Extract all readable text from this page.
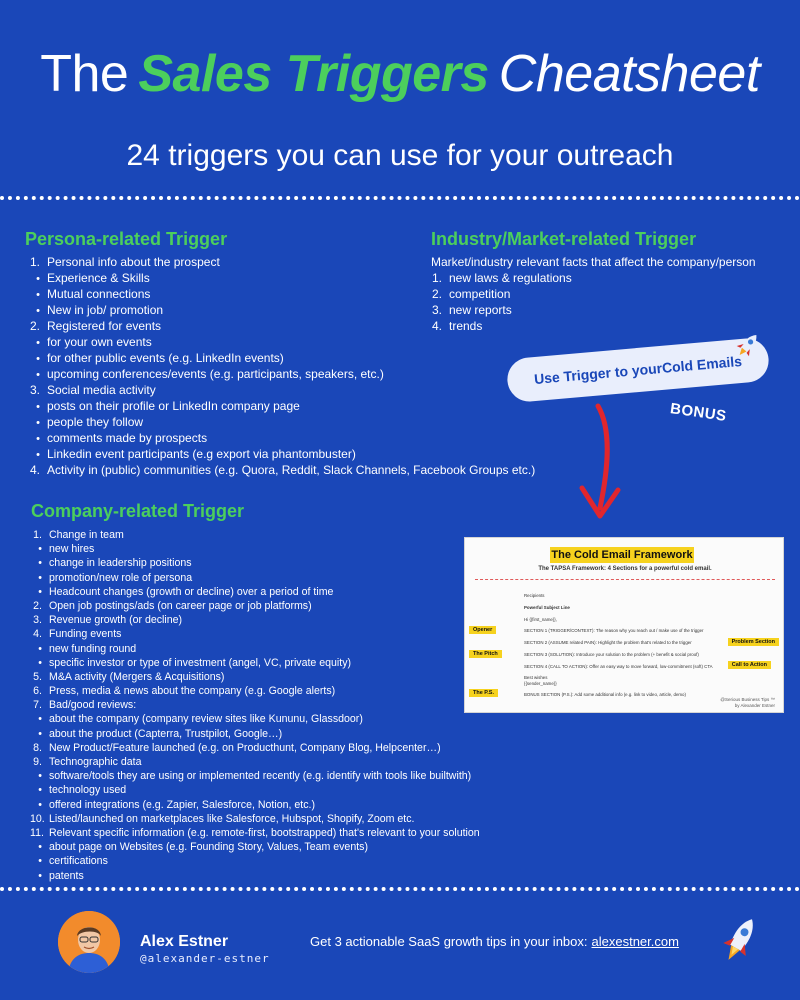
The Sales Triggers Cheatsheet
24 triggers you can use for your outreach
Persona-related Trigger
1. Personal info about the prospect
• Experience & Skills
• Mutual connections
• New in job/ promotion
2. Registered for events
• for your own events
• for other public events (e.g. LinkedIn events)
• upcoming conferences/events (e.g. participants, speakers, etc.)
3. Social media activity
• posts on their profile or LinkedIn company page
• people they follow
• comments made by prospects
• Linkedin event participants (e.g export via phantombuster)
4. Activity in (public) communities (e.g. Quora, Reddit, Slack Channels, Facebook Groups etc.)
Industry/Market-related Trigger
Market/industry relevant facts that affect the company/person
1. new laws & regulations
2. competition
3. new reports
4. trends
Use Trigger to yourCold Emails
BONUS
The Cold Email Framework
The TAPSA Framework: 4 Sections for a powerful cold email.
Recipients
Powerful Subject Line
Hi {{first_name}},
SECTION 1 (TRIGGER/CONTEXT): The reason why you reach out / make use of the trigger
SECTION 2 (ASSUME related PAIN): Highlight the problem that's related to the trigger
SECTION 3 (SOLUTION): Introduce your solution to the problem (+ benefit & social proof)
SECTION 4 (CALL TO ACTION): Offer an easy way to move forward, low-commitment (soft) CTA
Best wishes
{{sender_name}}
BONUS SECTION (P.S.): Add some additional info (e.g. link to video, article, demo)
Opener
The Pitch
The P.S.
Problem Section
Call to Action
@Serious Business Tips ™
by Alexander Estner
Company-related Trigger
1. Change in team
• new hires
• change in leadership positions
• promotion/new role of persona
• Headcount changes (growth or decline) over a period of time
2. Open job postings/ads (on career page or job platforms)
3. Revenue growth (or decline)
4. Funding events
• new funding round
• specific investor or type of investment (angel, VC, private equity)
5. M&A activity (Mergers & Acquisitions)
6. Press, media & news about the company (e.g. Google alerts)
7. Bad/good reviews:
• about the company (company review sites like Kununu, Glassdoor)
• about the product (Capterra, Trustpilot, Google…)
8. New Product/Feature launched (e.g. on Producthunt, Company Blog, Helpcenter…)
9. Technographic data
• software/tools they are using or implemented recently (e.g. identify with tools like builtwith)
• technology used
• offered integrations (e.g. Zapier, Salesforce, Notion, etc.)
10. Listed/launched on marketplaces like Salesforce, Hubspot, Shopify, Zoom etc.
11. Relevant specific information (e.g. remote-first, bootstrapped) that's relevant to your solution
• about page on Websites (e.g. Founding Story, Values, Team events)
• certifications
• patents
Alex Estner
@alexander-estner
Get 3 actionable SaaS growth tips in your inbox: alexestner.com
